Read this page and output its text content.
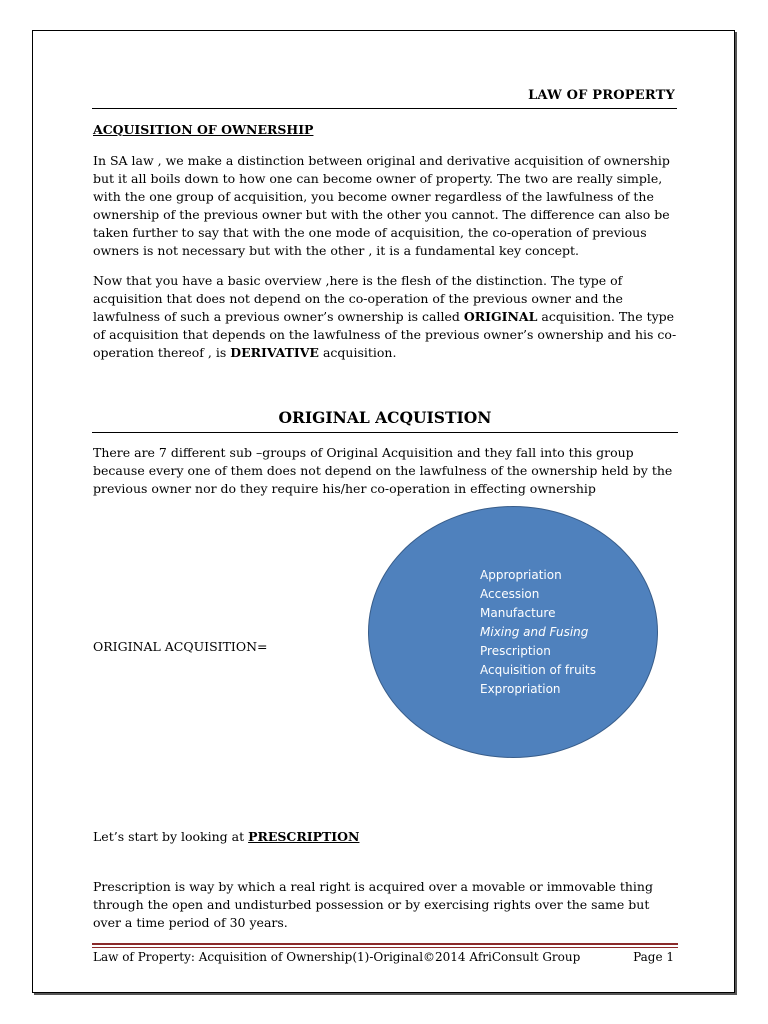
LAW OF PROPERTY
ACQUISITION OF OWNERSHIP
In SA law , we make a distinction between original and derivative acquisition of ownership but it all boils down to how one can become owner of property. The two are really simple, with the one group of acquisition, you become owner regardless of the lawfulness of the ownership of the previous owner but with the other you cannot. The difference can also be taken further to say that with the one mode of acquisition, the co-operation of previous owners is not necessary but with the other , it is a fundamental key concept.
Now that you have a basic overview ,here is the flesh of the distinction. The type of acquisition that does not depend on the co-operation of the previous owner and the lawfulness of such a previous owner’s ownership is called ORIGINAL acquisition. The type of acquisition that depends on the lawfulness of the previous owner’s ownership and his co-operation thereof , is DERIVATIVE acquisition.
ORIGINAL ACQUISTION
There are 7 different sub –groups of Original Acquisition and they fall into this group because every one of them does not depend on the lawfulness of the ownership held by the previous owner nor do they require his/her co-operation in effecting ownership
ORIGINAL ACQUISITION=
Appropriation
Accession
Manufacture
Mixing and Fusing
Prescription
Acquisition of fruits
Expropriation
Let’s start by looking at PRESCRIPTION
Prescription is way by which a real right is acquired over a movable or immovable thing through the open and undisturbed possession or by exercising rights over the same but over a time period of 30 years.
Law of Property: Acquisition of Ownership(1)-Original©2014 AfriConsult Group	Page 1
